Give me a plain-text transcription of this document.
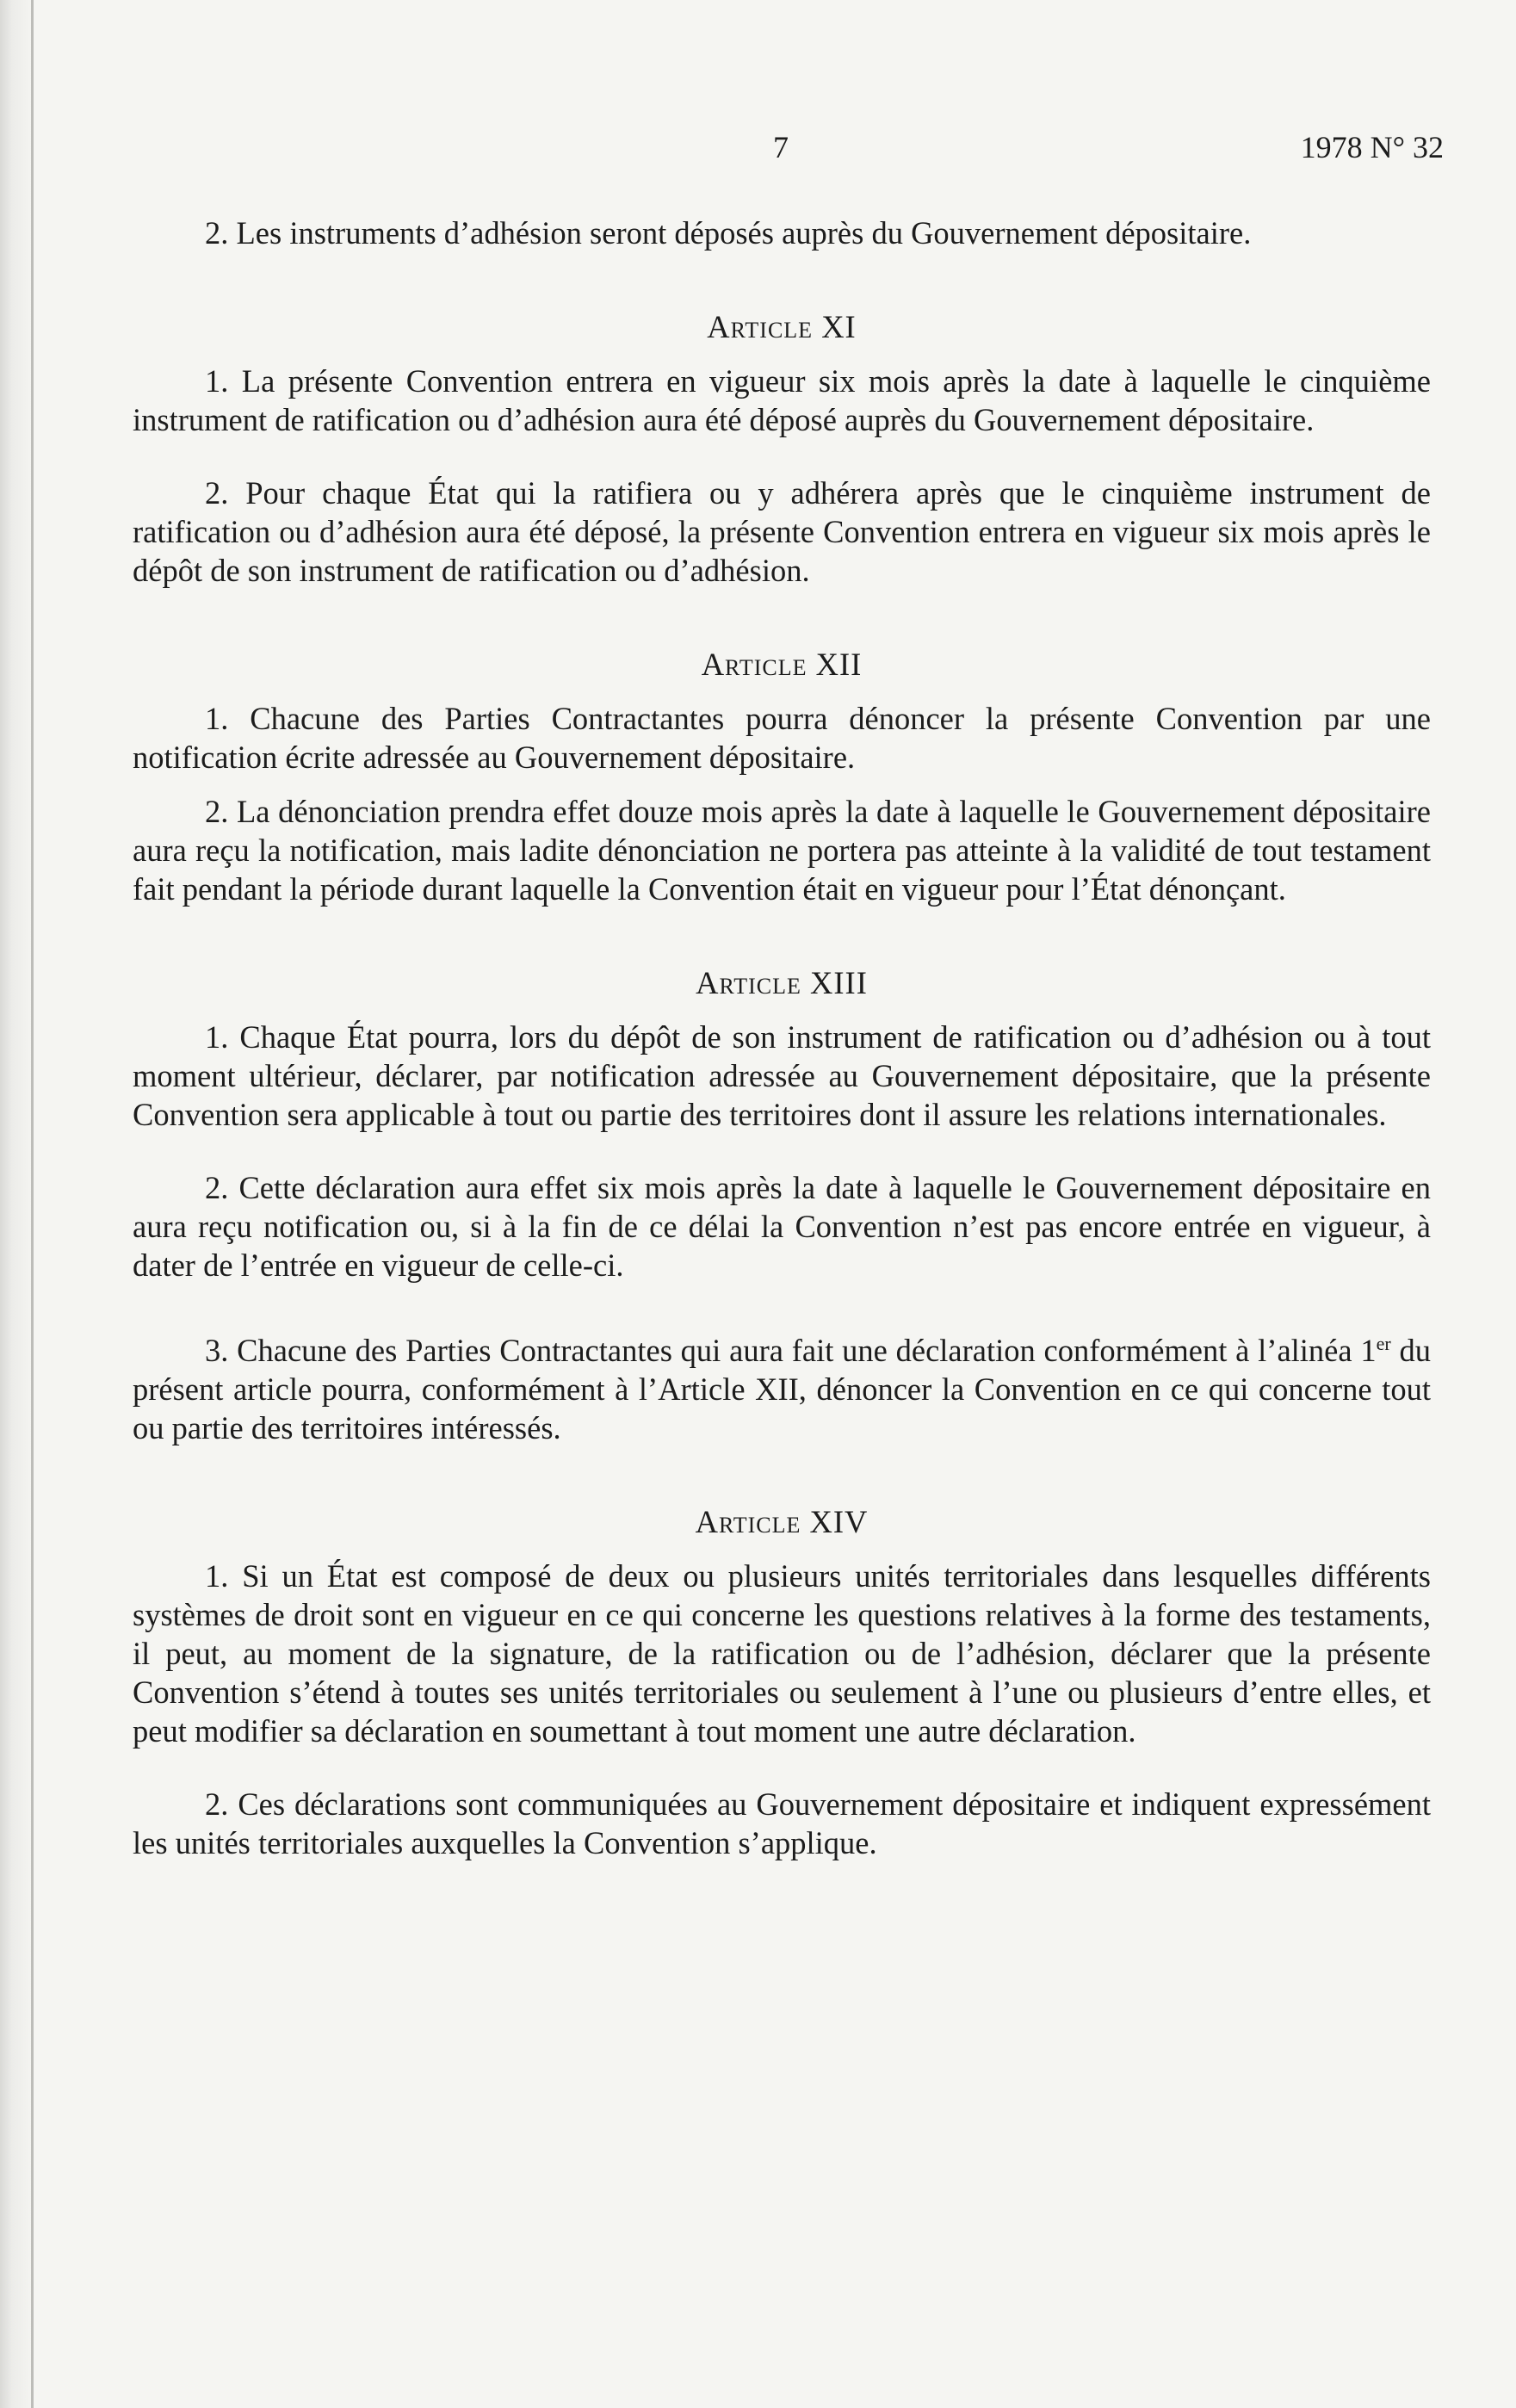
7	1978 N° 32

2. Les instruments d’adhésion seront déposés auprès du Gouvernement dépositaire.

Article XI

1. La présente Convention entrera en vigueur six mois après la date à laquelle le cinquième instrument de ratification ou d’adhésion aura été déposé auprès du Gouvernement dépositaire.

2. Pour chaque État qui la ratifiera ou y adhérera après que le cinquième instrument de ratification ou d’adhésion aura été déposé, la présente Convention entrera en vigueur six mois après le dépôt de son instrument de ratification ou d’adhésion.

Article XII

1. Chacune des Parties Contractantes pourra dénoncer la présente Convention par une notification écrite adressée au Gouvernement dépositaire.

2. La dénonciation prendra effet douze mois après la date à laquelle le Gouvernement dépositaire aura reçu la notification, mais ladite dénonciation ne portera pas atteinte à la validité de tout testament fait pendant la période durant laquelle la Convention était en vigueur pour l’État dénonçant.

Article XIII

1. Chaque État pourra, lors du dépôt de son instrument de ratification ou d’adhésion ou à tout moment ultérieur, déclarer, par notification adressée au Gouvernement dépositaire, que la présente Convention sera applicable à tout ou partie des territoires dont il assure les relations internationales.

2. Cette déclaration aura effet six mois après la date à laquelle le Gouvernement dépositaire en aura reçu notification ou, si à la fin de ce délai la Convention n’est pas encore entrée en vigueur, à dater de l’entrée en vigueur de celle-ci.

3. Chacune des Parties Contractantes qui aura fait une déclaration conformément à l’alinéa 1er du présent article pourra, conformément à l’Article XII, dénoncer la Convention en ce qui concerne tout ou partie des territoires intéressés.

Article XIV

1. Si un État est composé de deux ou plusieurs unités territoriales dans lesquelles différents systèmes de droit sont en vigueur en ce qui concerne les questions relatives à la forme des testaments, il peut, au moment de la signature, de la ratification ou de l’adhésion, déclarer que la présente Convention s’étend à toutes ses unités territoriales ou seulement à l’une ou plusieurs d’entre elles, et peut modifier sa déclaration en soumettant à tout moment une autre déclaration.

2. Ces déclarations sont communiquées au Gouvernement dépositaire et indiquent expressément les unités territoriales auxquelles la Convention s’applique.
